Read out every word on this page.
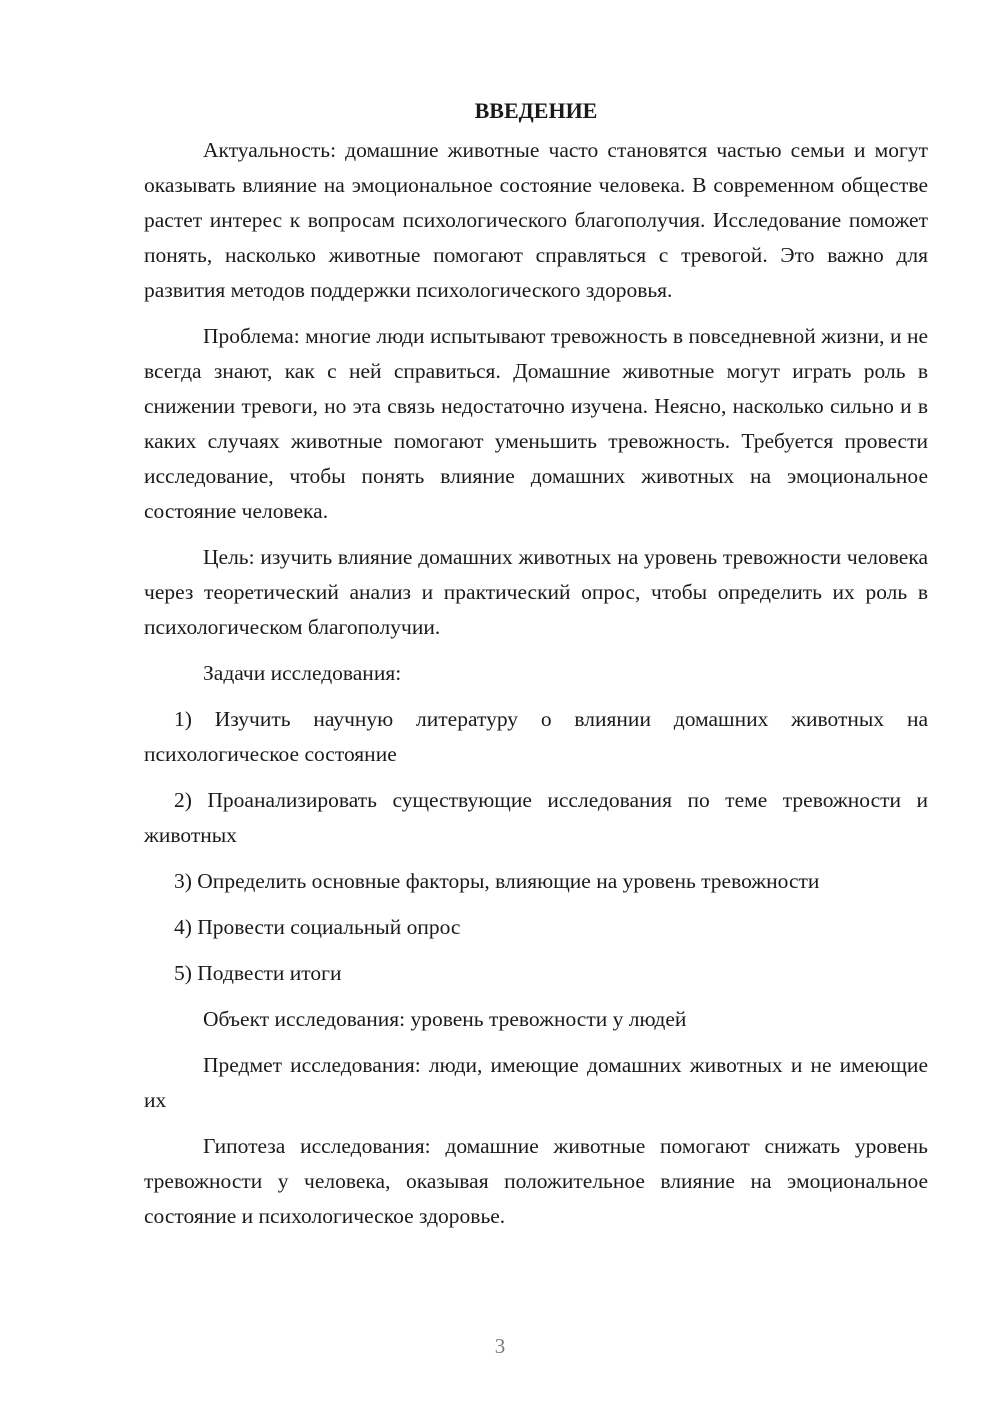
ВВЕДЕНИЕ

Актуальность: домашние животные часто становятся частью семьи и могут оказывать влияние на эмоциональное состояние человека. В современном обществе растет интерес к вопросам психологического благополучия. Исследование поможет понять, насколько животные помогают справляться с тревогой. Это важно для развития методов поддержки психологического здоровья.

Проблема: многие люди испытывают тревожность в повседневной жизни, и не всегда знают, как с ней справиться. Домашние животные могут играть роль в снижении тревоги, но эта связь недостаточно изучена. Неясно, насколько сильно и в каких случаях животные помогают уменьшить тревожность. Требуется провести исследование, чтобы понять влияние домашних животных на эмоциональное состояние человека.

Цель: изучить влияние домашних животных на уровень тревожности человека через теоретический анализ и практический опрос, чтобы определить их роль в психологическом благополучии.

Задачи исследования:

1) Изучить научную литературу о влиянии домашних животных на психологическое состояние

2) Проанализировать существующие исследования по теме тревожности и животных

3) Определить основные факторы, влияющие на уровень тревожности

4) Провести социальный опрос

5) Подвести итоги

Объект исследования: уровень тревожности у людей

Предмет исследования: люди, имеющие домашних животных и не имеющие их

Гипотеза исследования: домашние животные помогают снижать уровень тревожности у человека, оказывая положительное влияние на эмоциональное состояние и психологическое здоровье.

3
